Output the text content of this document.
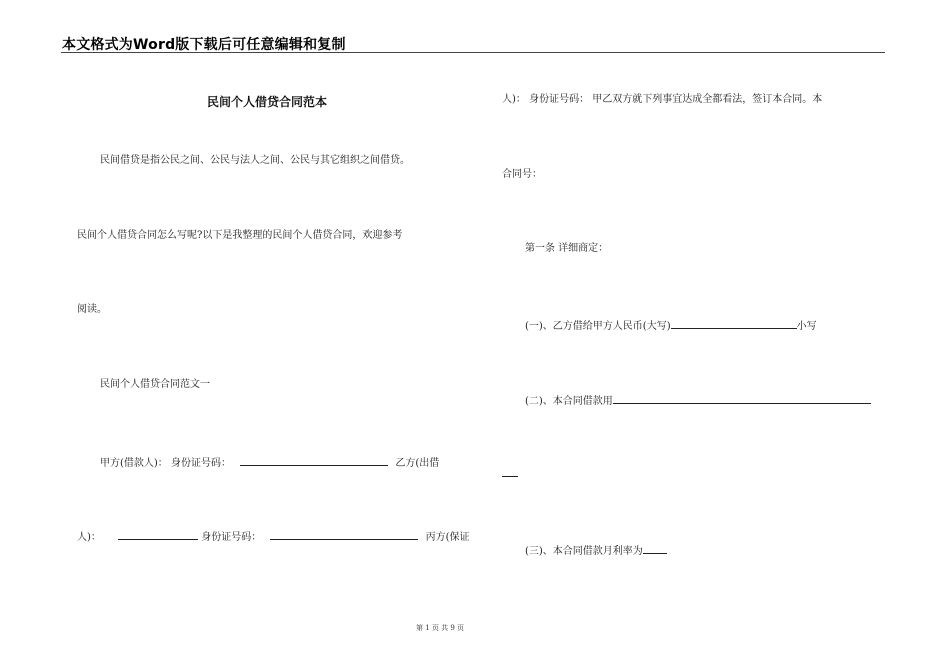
本文格式为Word版下载后可任意编辑和复制
民间个人借贷合同范本
民间借贷是指公民之间、公民与法人之间、公民与其它组织之间借贷。
民间个人借贷合同怎么写呢?以下是我整理的民间个人借贷合同，欢迎参考
阅读。
民间个人借贷合同范文一
甲方(借款人)： 身份证号码：	乙方(出借
人)：	身份证号码：	丙方(保证
人)： 身份证号码： 甲乙双方就下列事宜达成全都看法，签订本合同。本
合同号：
第一条 详细商定：
(一)、乙方借给甲方人民币(大写)	小写
(二)、本合同借款用
(三)、本合同借款月利率为
第 1 页 共 9 页
